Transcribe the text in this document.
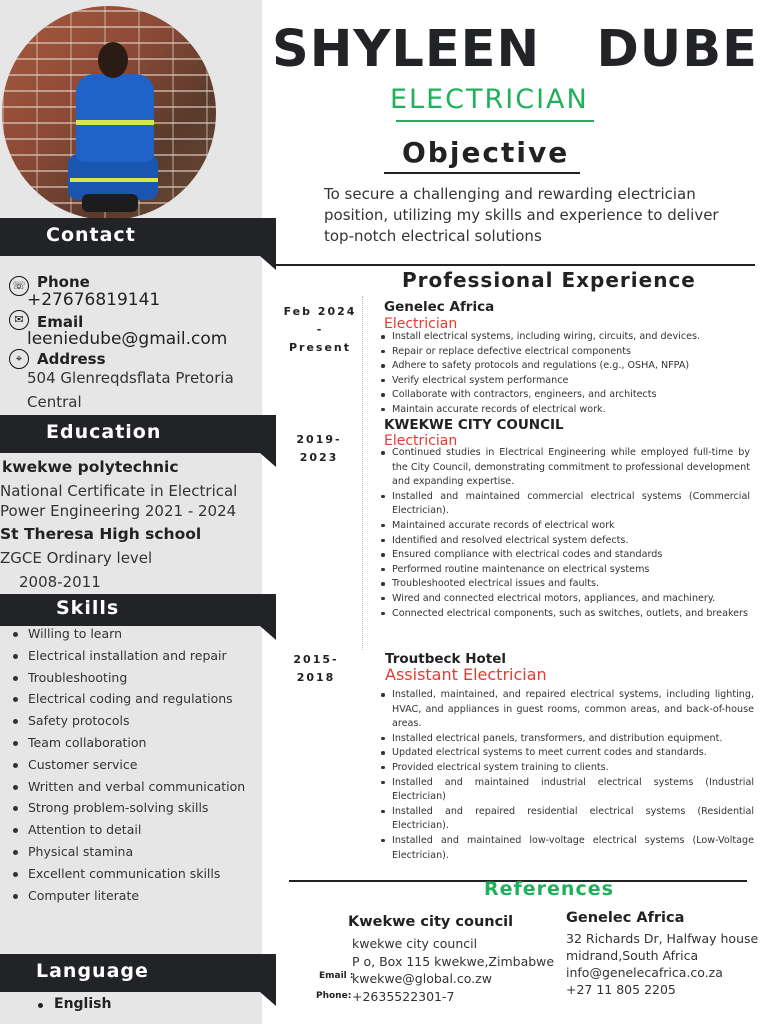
Contact
☏ Phone
+27676819141
✉ Email
leeniedube@gmail.com
⌖ Address
504 Glenreqdsflata Pretoria
Central
Education
kwekwe polytechnic
National Certificate in Electrical
Power Engineering 2021 - 2024
St Theresa High school
ZGCE Ordinary level
2008-2011
Skills
Willing to learn
Electrical installation and repair
Troubleshooting
Electrical coding and regulations
Safety protocols
Team collaboration
Customer service
Written and verbal communication
Strong problem-solving skills
Attention to detail
Physical stamina
Excellent communication skills
Computer literate
Language
English
SHYLEEN   DUBE
ELECTRICIAN
Objective
To secure a challenging and rewarding electrician position, utilizing my skills and experience to deliver top-notch electrical solutions
Professional Experience
Feb 2024
- Present
Genelec Africa
Electrician
Install electrical systems, including wiring, circuits, and devices.
Repair or replace defective electrical components
Adhere to safety protocols and regulations (e.g., OSHA, NFPA)
Verify electrical system performance
Collaborate with contractors, engineers, and architects
Maintain accurate records of electrical work.
2019-2023
KWEKWE CITY COUNCIL
Electrician
Continued studies in Electrical Engineering while employed full-time by the City Council, demonstrating commitment to professional development and expanding expertise.
Installed and maintained commercial electrical systems (Commercial Electrician).
Maintained accurate records of electrical work
Identified and resolved electrical system defects.
Ensured compliance with electrical codes and standards
Performed routine maintenance on electrical systems
Troubleshooted electrical issues and faults.
Wired and connected electrical motors, appliances, and machinery.
Connected electrical components, such as switches, outlets, and breakers
2015-2018
Troutbeck Hotel
Assistant Electrician
Installed, maintained, and repaired electrical systems, including lighting, HVAC, and appliances in guest rooms, common areas, and back-of-house areas.
Installed electrical panels, transformers, and distribution equipment.
Updated electrical systems to meet current codes and standards.
Provided electrical system training to clients.
Installed and maintained industrial electrical systems (Industrial Electrician)
Installed and repaired residential electrical systems (Residential Electrician).
Installed and maintained low-voltage electrical systems (Low-Voltage Electrician).
References
Kwekwe city council
kwekwe city council
P o, Box 115 kwekwe,Zimbabwe
Email :
kwekwe@global.co.zw
Phone: +2635522301-7
Genelec Africa
32 Richards Dr, Halfway house
midrand,South Africa
info@genelecafrica.co.za
+27 11 805 2205
